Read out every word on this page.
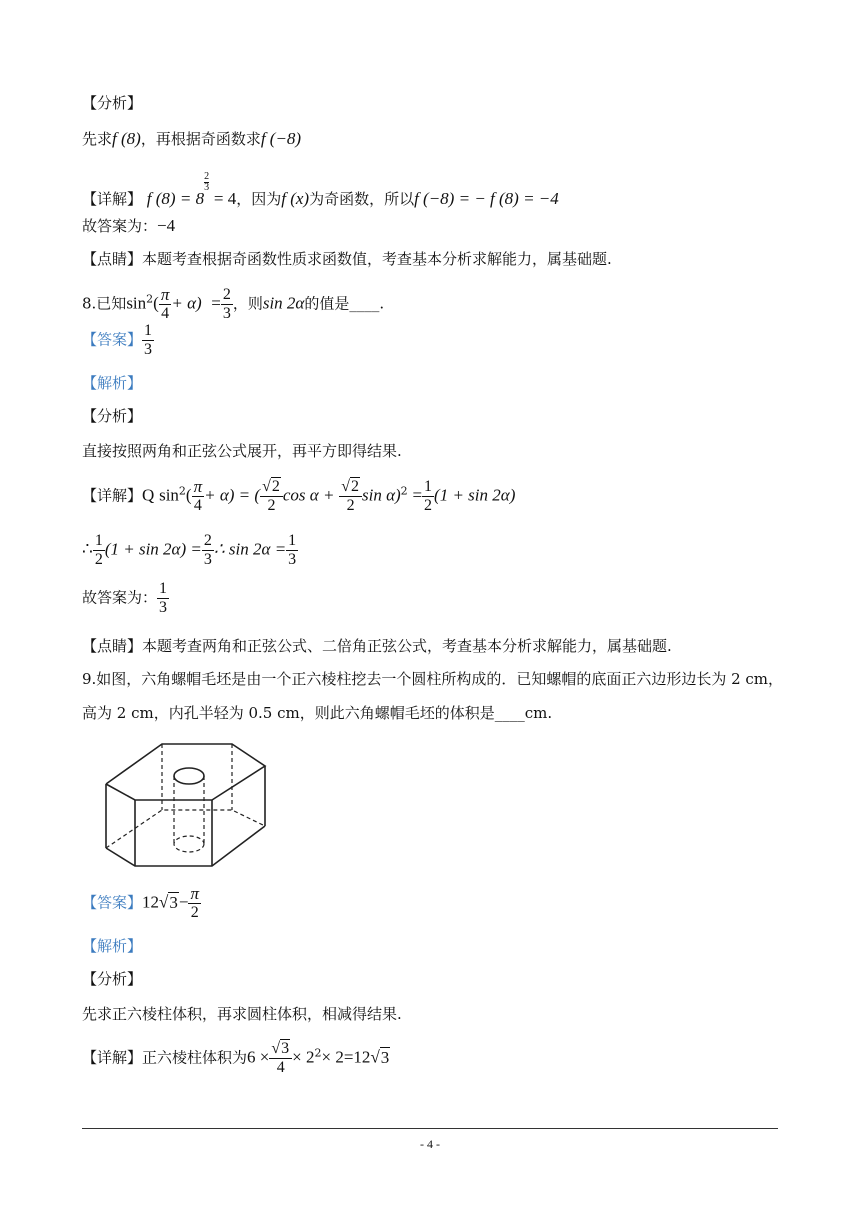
【分析】
先求f (8)，再根据奇函数求f (−8)
【详解】 f (8) = 8
$\frac{2}{3}$
= 4，因为f (x)为奇函数，所以f (−8) = − f (8) = −4
故答案为：−4
【点睛】本题考查根据奇函数性质求函数值，考查基本分析求解能力，属基础题.
8.已知$\sin^2( \frac{\pi}{4} + \alpha) = \frac{2}{3}$ ，则sin 2α的值是____.
【答案】 $\frac{1}{3}$
【解析】
【分析】
直接按照两角和正弦公式展开，再平方即得结果.
【详解】Q $\sin^2( \frac{\pi}{4} + \alpha)$ = ( $\frac{√2}{2}$ $\cos \alpha + \frac{√2}{2}$ $\sin \alpha)^2 = \frac{1}{2} (1 + \sin 2\alpha)$
∴ $\frac{1}{2} (1 + \sin 2\alpha) = \frac{2}{3}$ ∴ $\sin 2\alpha = \frac{1}{3}$
故答案为： $\frac{1}{3}$
【点睛】本题考查两角和正弦公式、二倍角正弦公式，考查基本分析求解能力，属基础题.
9.如图，六角螺帽毛坯是由一个正六棱柱挖去一个圆柱所构成的．已知螺帽的底面正六边形边长为 2 cm，
高为 2 cm，内孔半轻为 0.5 cm，则此六角螺帽毛坯的体积是____cm.
【答案】$12√3- \frac{\pi}{2}$
【解析】
【分析】
先求正六棱柱体积，再求圆柱体积，相减得结果.
【详解】正六棱柱体积为$6 \times \frac{√3}{4} \times 2^2\times 2=12√3$
- 4 -
